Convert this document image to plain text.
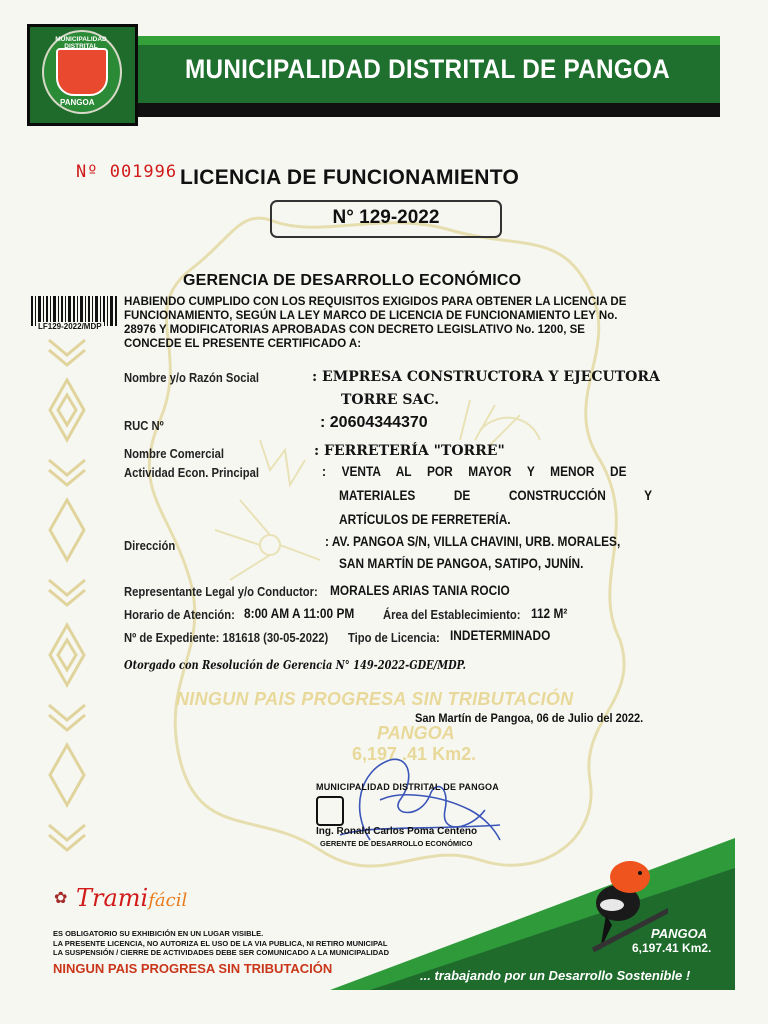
MUNICIPALIDAD DISTRITAL DE PANGOA
MUNICIPALIDAD DISTRITAL
PANGOA
Nº 001996 LICENCIA DE FUNCIONAMIENTO
N° 129-2022
GERENCIA DE DESARROLLO ECONÓMICO
LF129-2022/MDP
HABIENDO CUMPLIDO CON LOS REQUISITOS EXIGIDOS PARA OBTENER LA LICENCIA DE
FUNCIONAMIENTO, SEGÚN LA LEY MARCO DE LICENCIA DE FUNCIONAMIENTO LEY No.
28976 Y MODIFICATORIAS APROBADAS CON DECRETO LEGISLATIVO No. 1200, SE
CONCEDE EL PRESENTE CERTIFICADO A:
Nombre y/o Razón Social	: EMPRESA CONSTRUCTORA Y EJECUTORA
TORRE SAC.
RUC Nº	: 20604344370
Nombre Comercial	: FERRETERÍA "TORRE"
Actividad Econ. Principal	: VENTA AL POR MAYOR Y MENOR DE
MATERIALES DE CONSTRUCCIÓN Y
ARTÍCULOS DE FERRETERÍA.
Dirección	: AV. PANGOA S/N, VILLA CHAVINI, URB. MORALES,
SAN MARTÍN DE PANGOA, SATIPO, JUNÍN.
Representante Legal y/o Conductor: MORALES ARIAS TANIA ROCIO
Horario de Atención: 8:00 AM A 11:00 PM Área del Establecimiento: 112 M²
Nº de Expediente: 181618 (30-05-2022) Tipo de Licencia: INDETERMINADO
Otorgado con Resolución de Gerencia N° 149-2022-GDE/MDP.
NINGUN PAIS PROGRESA SIN TRIBUTACIÓN
San Martín de Pangoa, 06 de Julio del 2022.
PANGOA
6,197 .41 Km2.
MUNICIPALIDAD DISTRITAL DE PANGOA
Ing. Ronald Carlos Poma Centeno
GERENTE DE DESARROLLO ECONÓMICO
✿ Tramifácil
ES OBLIGATORIO SU EXHIBICIÓN EN UN LUGAR VISIBLE.
LA PRESENTE LICENCIA, NO AUTORIZA EL USO DE LA VIA PUBLICA, NI RETIRO MUNICIPAL
LA SUSPENSIÓN / CIERRE DE ACTIVIDADES DEBE SER COMUNICADO A LA MUNICIPALIDAD
NINGUN PAIS PROGRESA SIN TRIBUTACIÓN
PANGOA
6,197.41 Km2.
... trabajando por un Desarrollo Sostenible !
